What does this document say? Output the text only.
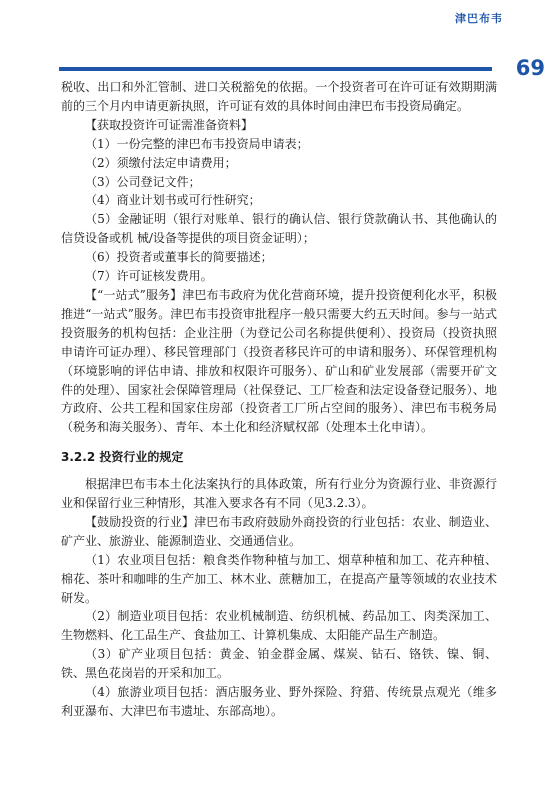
津巴布韦
69

税收、出口和外汇管制、进口关税豁免的依据。一个投资者可在许可证有效期期满前的三个月内申请更新执照，许可证有效的具体时间由津巴布韦投资局确定。

【获取投资许可证需准备资料】

（1）一份完整的津巴布韦投资局申请表；

（2）须缴付法定申请费用；

（3）公司登记文件；

（4）商业计划书或可行性研究；

（5）金融证明（银行对账单、银行的确认信、银行贷款确认书、其他确认的信贷设备或机 械/设备等提供的项目资金证明）；

（6）投资者或董事长的简要描述；

（7）许可证核发费用。

【“一站式”服务】津巴布韦政府为优化营商环境，提升投资便利化水平，积极推进“一站式”服务。津巴布韦投资审批程序一般只需要大约五天时间。参与一站式投资服务的机构包括：企业注册（为登记公司名称提供便利）、投资局（投资执照申请许可证办理）、移民管理部门（投资者移民许可的申请和服务）、环保管理机构（环境影响的评估申请、排放和权限许可服务）、矿山和矿业发展部（需要开矿文件的处理）、国家社会保障管理局（社保登记、工厂检查和法定设备登记服务）、地方政府、公共工程和国家住房部（投资者工厂所占空间的服务）、津巴布韦税务局（税务和海关服务）、青年、本土化和经济赋权部（处理本土化申请）。

3.2.2 投资行业的规定

根据津巴布韦本土化法案执行的具体政策，所有行业分为资源行业、非资源行业和保留行业三种情形，其准入要求各有不同（见3.2.3）。

【鼓励投资的行业】津巴布韦政府鼓励外商投资的行业包括：农业、制造业、矿产业、旅游业、能源制造业、交通通信业。

（1）农业项目包括：粮食类作物种植与加工、烟草种植和加工、花卉种植、棉花、茶叶和咖啡的生产加工、林木业、蔗糖加工，在提高产量等领域的农业技术研发。

（2）制造业项目包括：农业机械制造、纺织机械、药品加工、肉类深加工、生物燃料、化工品生产、食盐加工、计算机集成、太阳能产品生产制造。

（3）矿产业项目包括：黄金、铂金群金属、煤炭、钻石、铬铁、镍、铜、铁、黑色花岗岩的开采和加工。

（4）旅游业项目包括：酒店服务业、野外探险、狩猎、传统景点观光（维多利亚瀑布、大津巴布韦遗址、东部高地）。
